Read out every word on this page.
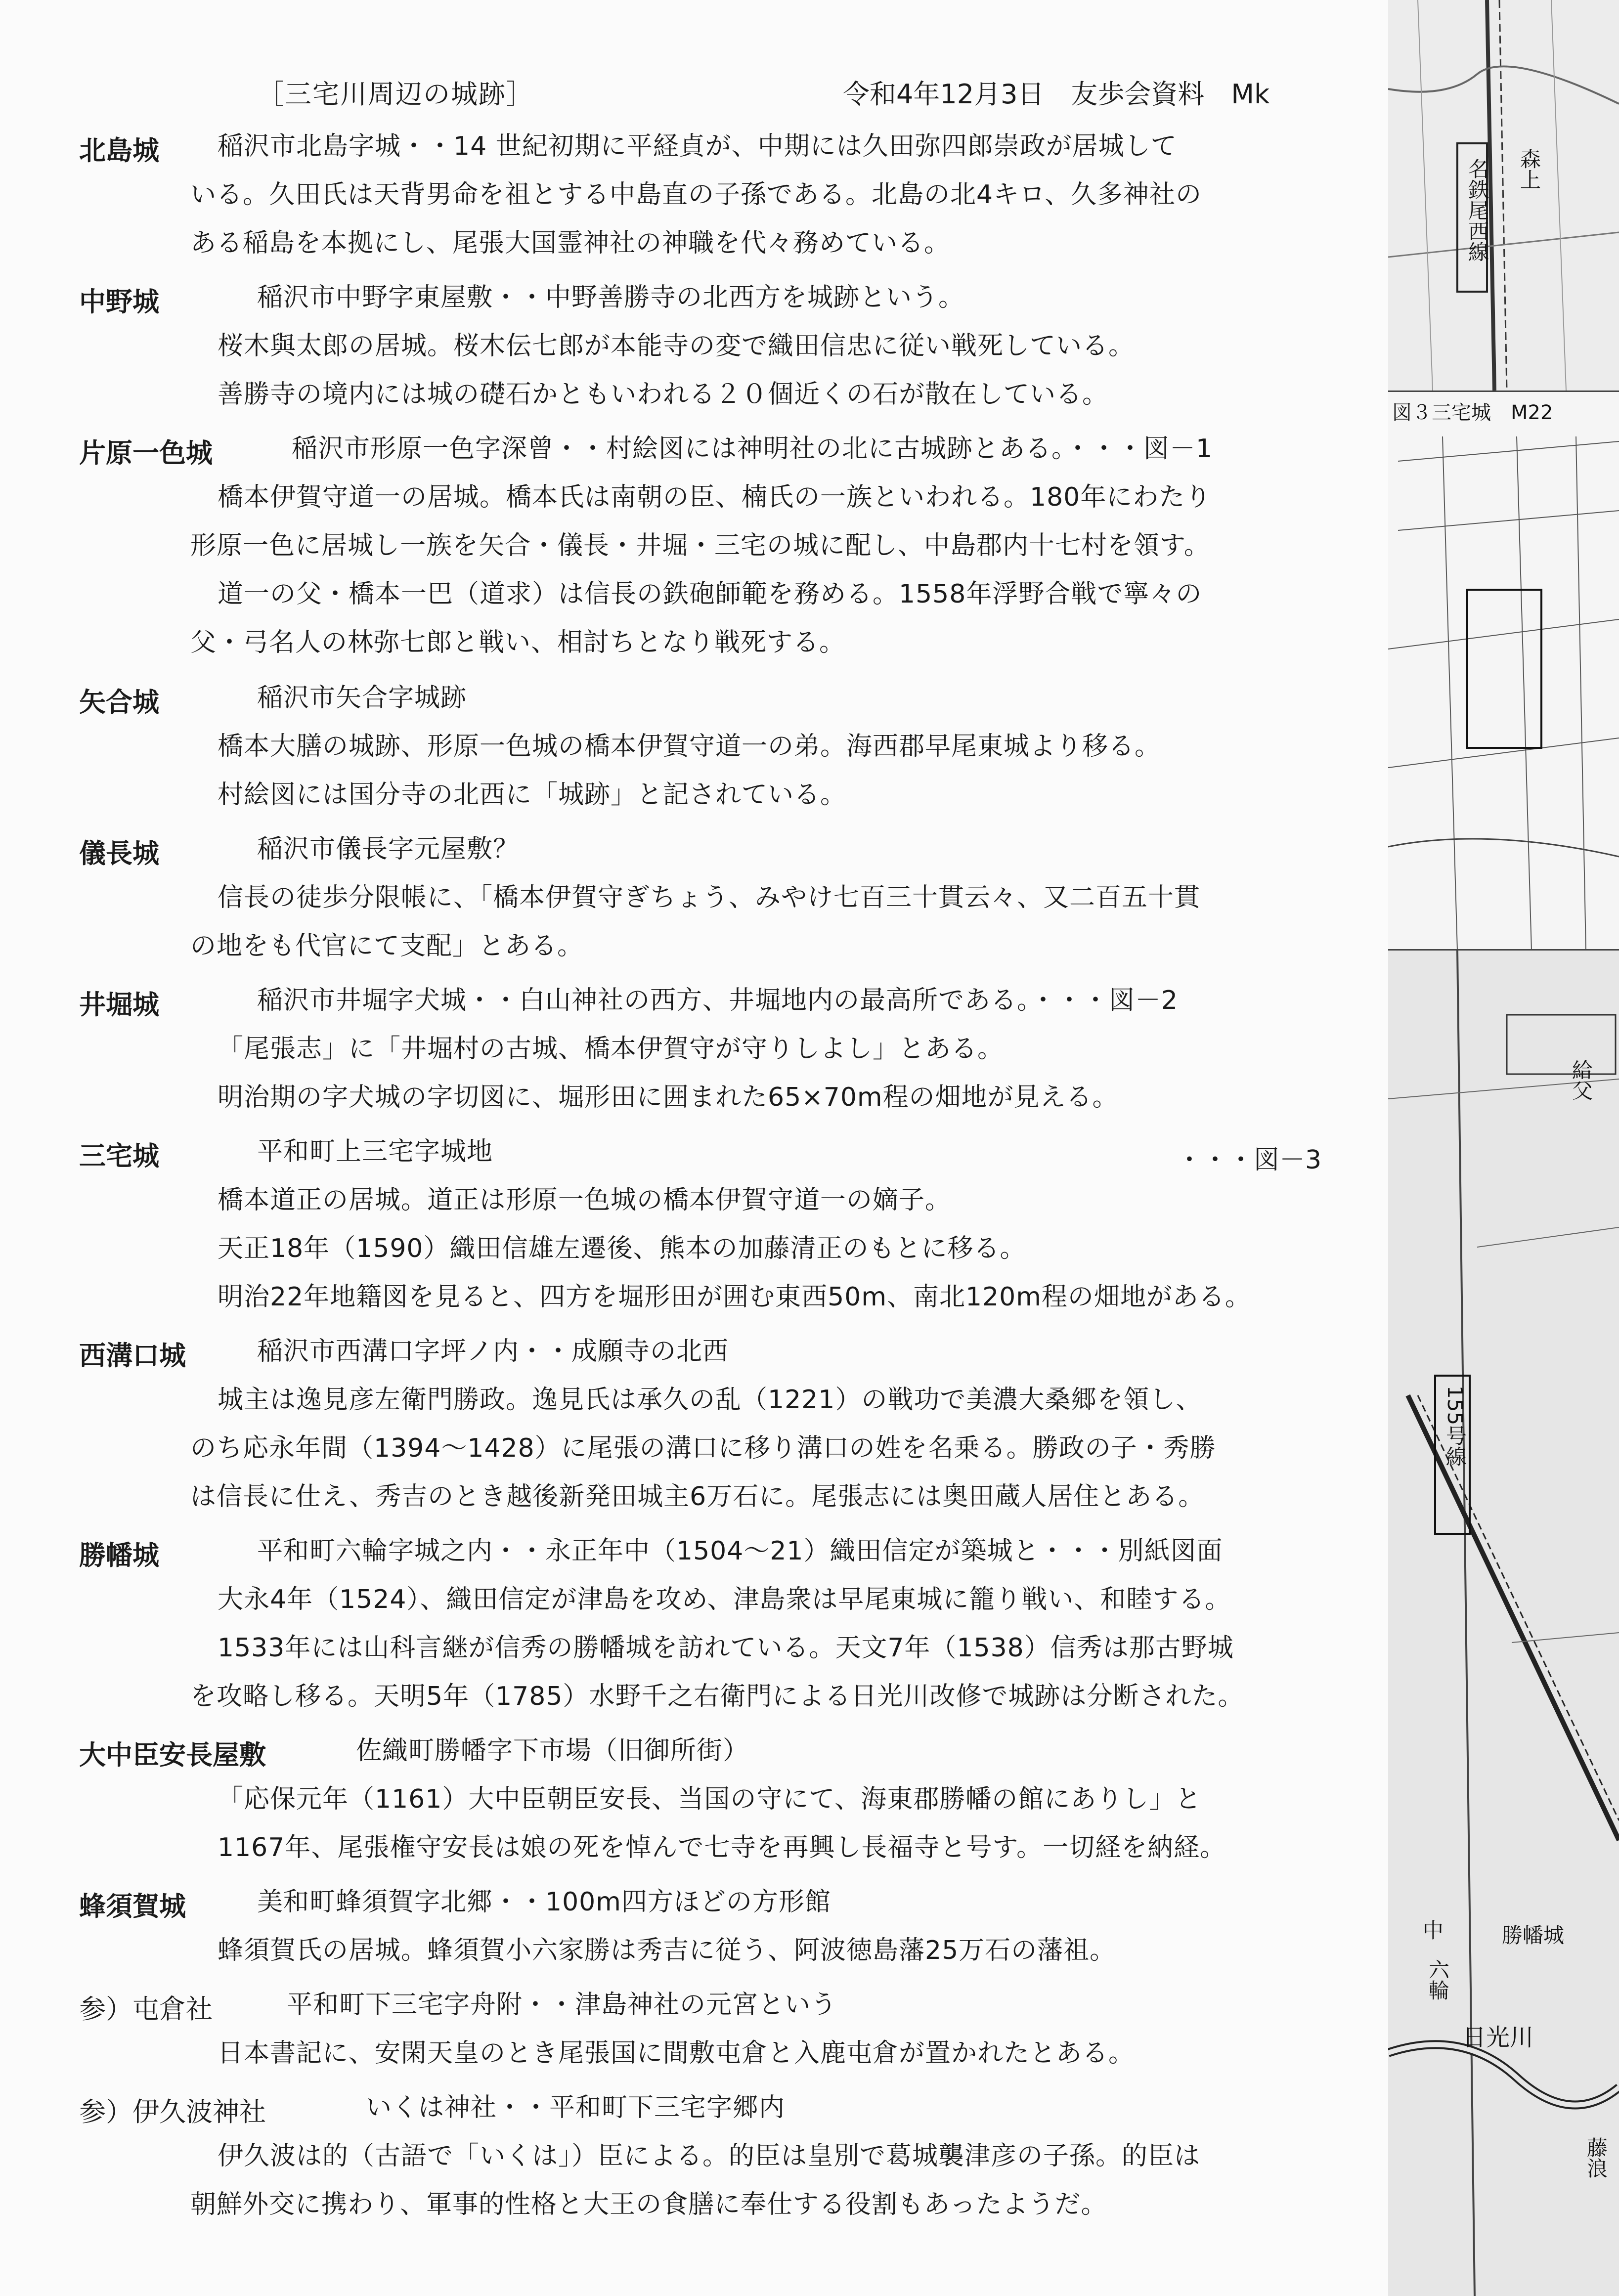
［三宅川周辺の城跡］	令和4年12月3日　友歩会資料　Mk
北島城 稲沢市北島字城・・14 世紀初期に平経貞が、中期には久田弥四郎崇政が居城して
いる。久田氏は天背男命を祖とする中島直の子孫である。北島の北4キロ、久多神社の
ある稲島を本拠にし、尾張大国霊神社の神職を代々務めている。
中野城	稲沢市中野字東屋敷・・中野善勝寺の北西方を城跡という。
桜木與太郎の居城。桜木伝七郎が本能寺の変で織田信忠に従い戦死している。
善勝寺の境内には城の礎石かともいわれる２０個近くの石が散在している。
片原一色城	稲沢市形原一色字深曾・・村絵図には神明社の北に古城跡とある。・・・図－1
橋本伊賀守道一の居城。橋本氏は南朝の臣、楠氏の一族といわれる。180年にわたり
形原一色に居城し一族を矢合・儀長・井堀・三宅の城に配し、中島郡内十七村を領す。
道一の父・橋本一巴（道求）は信長の鉄砲師範を務める。1558年浮野合戦で寧々の
父・弓名人の林弥七郎と戦い、相討ちとなり戦死する。
矢合城	稲沢市矢合字城跡
橋本大膳の城跡、形原一色城の橋本伊賀守道一の弟。海西郡早尾東城より移る。
村絵図には国分寺の北西に「城跡」と記されている。
儀長城	稲沢市儀長字元屋敷？
信長の徒歩分限帳に、「橋本伊賀守ぎちょう、みやけ七百三十貫云々、又二百五十貫
の地をも代官にて支配」とある。
井堀城	稲沢市井堀字犬城・・白山神社の西方、井堀地内の最高所である。・・・図－2
「尾張志」に「井堀村の古城、橋本伊賀守が守りしよし」とある。
明治期の字犬城の字切図に、堀形田に囲まれた65×70m程の畑地が見える。
三宅城	平和町上三宅字城地	・・・図－3
橋本道正の居城。道正は形原一色城の橋本伊賀守道一の嫡子。
天正18年（1590）織田信雄左遷後、熊本の加藤清正のもとに移る。
明治22年地籍図を見ると、四方を堀形田が囲む東西50m、南北120m程の畑地がある。
西溝口城	稲沢市西溝口字坪ノ内・・成願寺の北西
城主は逸見彦左衛門勝政。逸見氏は承久の乱（1221）の戦功で美濃大桑郷を領し、
のち応永年間（1394～1428）に尾張の溝口に移り溝口の姓を名乗る。勝政の子・秀勝
は信長に仕え、秀吉のとき越後新発田城主6万石に。尾張志には奥田蔵人居住とある。
勝幡城	平和町六輪字城之内・・永正年中（1504～21）織田信定が築城と・・・別紙図面
大永4年（1524）、織田信定が津島を攻め、津島衆は早尾東城に籠り戦い、和睦する。
1533年には山科言継が信秀の勝幡城を訪れている。天文7年（1538）信秀は那古野城
を攻略し移る。天明5年（1785）水野千之右衛門による日光川改修で城跡は分断された。
大中臣安長屋敷	佐織町勝幡字下市場（旧御所街）
「応保元年（1161）大中臣朝臣安長、当国の守にて、海東郡勝幡の館にありし」と
1167年、尾張権守安長は娘の死を悼んで七寺を再興し長福寺と号す。一切経を納経。
蜂須賀城	美和町蜂須賀字北郷・・100m四方ほどの方形館
蜂須賀氏の居城。蜂須賀小六家勝は秀吉に従う、阿波徳島藩25万石の藩祖。
参）屯倉社	平和町下三宅字舟附・・津島神社の元宮という
日本書記に、安閑天皇のとき尾張国に間敷屯倉と入鹿屯倉が置かれたとある。
参）伊久波神社	いくは神社・・平和町下三宅字郷内
伊久波は的（古語で「いくは」）臣による。的臣は皇別で葛城襲津彦の子孫。的臣は
朝鮮外交に携わり、軍事的性格と大王の食膳に奉仕する役割もあったようだ。
名鉄尾西線 森上
図３三宅城　M22
155号線
給父
勝幡城
日光川
藤浪
六輪
中
